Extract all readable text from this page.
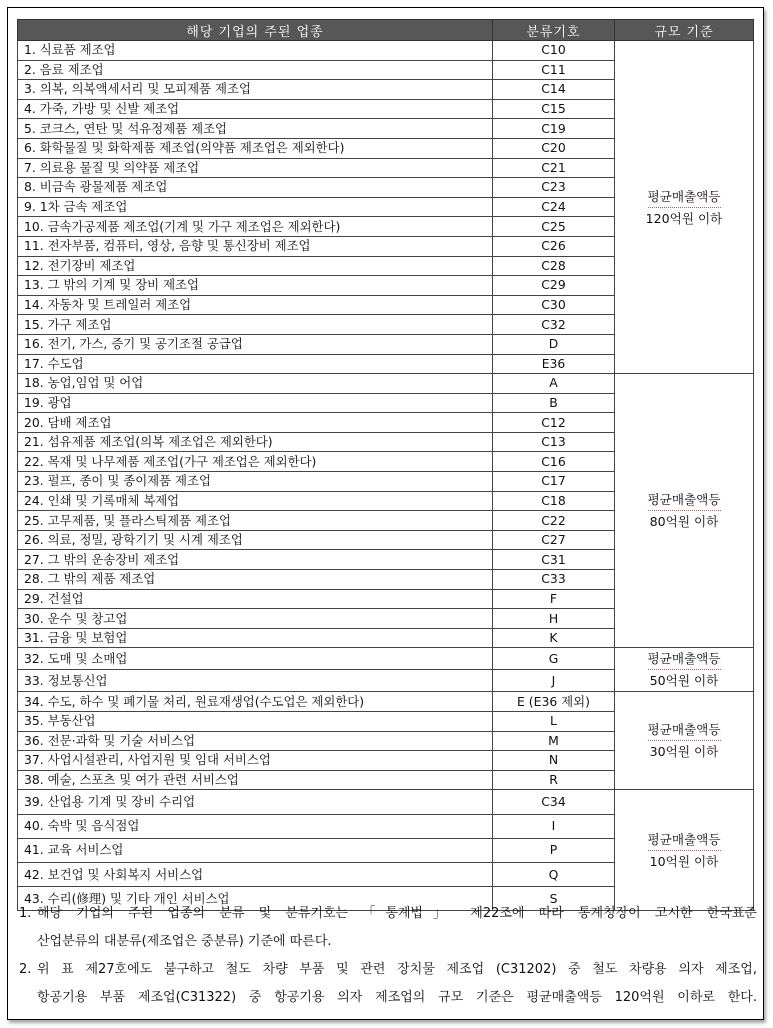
해당 기업의 주된 업종	분류기호	규모 기준
1. 식료품 제조업	C10	평균매출액등
120억원 이하
2. 음료 제조업	C11	
3. 의복, 의복액세서리 및 모피제품 제조업	C14	
4. 가죽, 가방 및 신발 제조업	C15	
5. 코크스, 연탄 및 석유정제품 제조업	C19	
6. 화학물질 및 화학제품 제조업(의약품 제조업은 제외한다)	C20	
7. 의료용 물질 및 의약품 제조업	C21	
8. 비금속 광물제품 제조업	C23	
9. 1차 금속 제조업	C24	
10. 금속가공제품 제조업(기계 및 가구 제조업은 제외한다)	C25	
11. 전자부품, 컴퓨터, 영상, 음향 및 통신장비 제조업	C26	
12. 전기장비 제조업	C28	
13. 그 밖의 기계 및 장비 제조업	C29	
14. 자동차 및 트레일러 제조업	C30	
15. 가구 제조업	C32	
16. 전기, 가스, 증기 및 공기조절 공급업	D	
17. 수도업	E36	
18. 농업,임업 및 어업	A	평균매출액등
80억원 이하
19. 광업	B	
20. 담배 제조업	C12	
21. 섬유제품 제조업(의복 제조업은 제외한다)	C13	
22. 목재 및 나무제품 제조업(가구 제조업은 제외한다)	C16	
23. 펄프, 종이 및 종이제품 제조업	C17	
24. 인쇄 및 기록매체 복제업	C18	
25. 고무제품, 및 플라스틱제품 제조업	C22	
26. 의료, 정밀, 광학기기 및 시계 제조업	C27	
27. 그 밖의 운송장비 제조업	C31	
28. 그 밖의 제품 제조업	C33	
29. 건설업	F	
30. 운수 및 창고업	H	
31. 금융 및 보험업	K	
32. 도매 및 소매업	G	평균매출액등
50억원 이하
33. 정보통신업	J	
34. 수도, 하수 및 폐기물 처리, 원료재생업(수도업은 제외한다)	E (E36 제외)	평균매출액등
30억원 이하
35. 부동산업	L	
36. 전문·과학 및 기술 서비스업	M	
37. 사업시설관리, 사업지원 및 임대 서비스업	N	
38. 예술, 스포츠 및 여가 관련 서비스업	R	
39. 산업용 기계 및 장비 수리업	C34	평균매출액등
10억원 이하
40. 숙박 및 음식점업	I	
41. 교육 서비스업	P	
42. 보건업 및 사회복지 서비스업	Q	
43. 수리(修理) 및 기타 개인 서비스업	S	
1. 해당 기업의 주된 업종의 분류 및 분류기호는 「통계법」 제22조에 따라 통계청장이 고시한 한국표준
산업분류의 대분류(제조업은 중분류) 기준에 따른다.
2. 위 표 제27호에도 불구하고 철도 차량 부품 및 관련 장치물 제조업 (C31202) 중 철도 차량용 의자 제조업,
항공기용 부품 제조업(C31322) 중 항공기용 의자 제조업의 규모 기준은 평균매출액등 120억원 이하로 한다.
